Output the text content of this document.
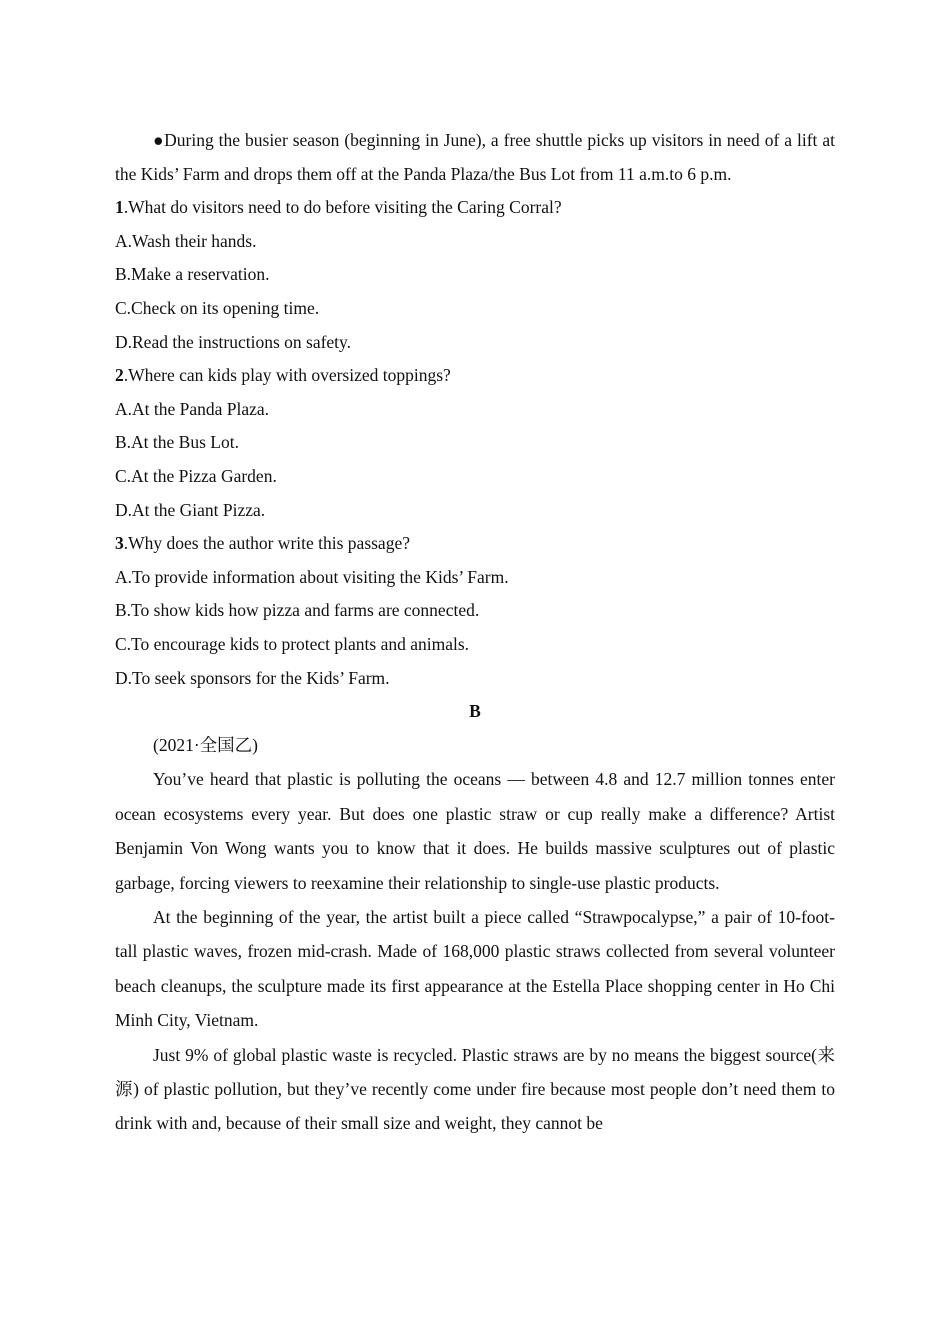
●During the busier season (beginning in June), a free shuttle picks up visitors in need of a lift at the Kids’ Farm and drops them off at the Panda Plaza/the Bus Lot from 11 a.m.to 6 p.m.

1.What do visitors need to do before visiting the Caring Corral?

A.Wash their hands.

B.Make a reservation.

C.Check on its opening time.

D.Read the instructions on safety.

2.Where can kids play with oversized toppings?

A.At the Panda Plaza.

B.At the Bus Lot.

C.At the Pizza Garden.

D.At the Giant Pizza.

3.Why does the author write this passage?

A.To provide information about visiting the Kids’ Farm.

B.To show kids how pizza and farms are connected.

C.To encourage kids to protect plants and animals.

D.To seek sponsors for the Kids’ Farm.

B

(2021·全国乙)

You’ve heard that plastic is polluting the oceans — between 4.8 and 12.7 million tonnes enter ocean ecosystems every year. But does one plastic straw or cup really make a difference? Artist Benjamin Von Wong wants you to know that it does. He builds massive sculptures out of plastic garbage, forcing viewers to reexamine their relationship to single-use plastic products.

At the beginning of the year, the artist built a piece called “Strawpocalypse,” a pair of 10-foot-tall plastic waves, frozen mid-crash. Made of 168,000 plastic straws collected from several volunteer beach cleanups, the sculpture made its first appearance at the Estella Place shopping center in Ho Chi Minh City, Vietnam.

Just 9% of global plastic waste is recycled. Plastic straws are by no means the biggest source(来源) of plastic pollution, but they’ve recently come under fire because most people don’t need them to drink with and, because of their small size and weight, they cannot be
